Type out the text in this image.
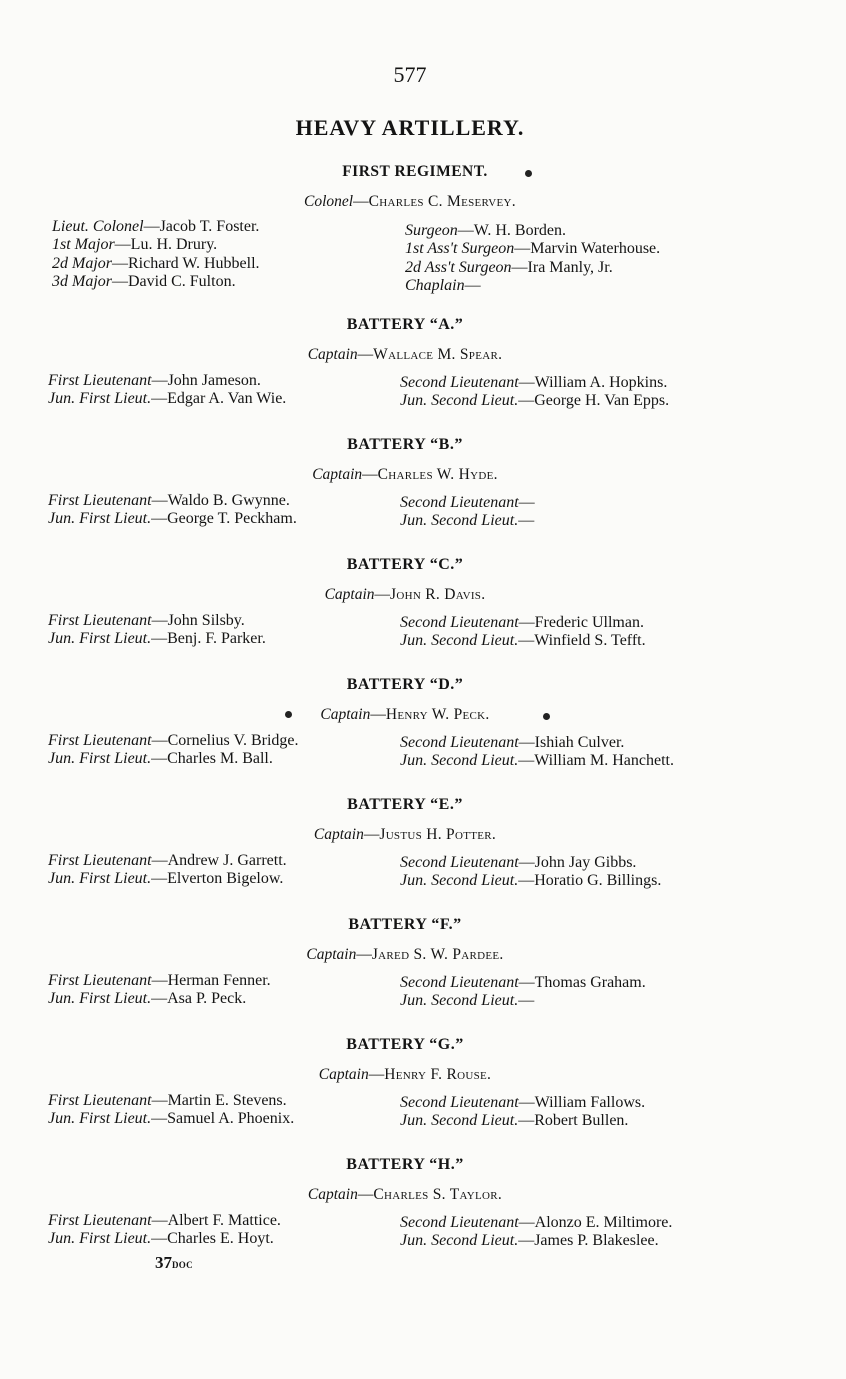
577
HEAVY ARTILLERY.
FIRST REGIMENT.
Colonel—Charles C. Meservey.
Lieut. Colonel—Jacob T. Foster.
1st Major—Lu. H. Drury.
2d Major—Richard W. Hubbell.
3d Major—David C. Fulton.
Surgeon—W. H. Borden.
1st Ass't Surgeon—Marvin Waterhouse.
2d Ass't Surgeon—Ira Manly, Jr.
Chaplain—
BATTERY “A.”
Captain—Wallace M. Spear.
First Lieutenant—John Jameson.
Jun. First Lieut.—Edgar A. Van Wie.
Second Lieutenant—William A. Hopkins.
Jun. Second Lieut.—George H. Van Epps.
BATTERY “B.”
Captain—Charles W. Hyde.
First Lieutenant—Waldo B. Gwynne.
Jun. First Lieut.—George T. Peckham.
Second Lieutenant—
Jun. Second Lieut.—
BATTERY “C.”
Captain—John R. Davis.
First Lieutenant—John Silsby.
Jun. First Lieut.—Benj. F. Parker.
Second Lieutenant—Frederic Ullman.
Jun. Second Lieut.—Winfield S. Tefft.
BATTERY “D.”
Captain—Henry W. Peck.
First Lieutenant—Cornelius V. Bridge.
Jun. First Lieut.—Charles M. Ball.
Second Lieutenant—Ishiah Culver.
Jun. Second Lieut.—William M. Hanchett.
BATTERY “E.”
Captain—Justus H. Potter.
First Lieutenant—Andrew J. Garrett.
Jun. First Lieut.—Elverton Bigelow.
Second Lieutenant—John Jay Gibbs.
Jun. Second Lieut.—Horatio G. Billings.
BATTERY “F.”
Captain—Jared S. W. Pardee.
First Lieutenant—Herman Fenner.
Jun. First Lieut.—Asa P. Peck.
Second Lieutenant—Thomas Graham.
Jun. Second Lieut.—
BATTERY “G.”
Captain—Henry F. Rouse.
First Lieutenant—Martin E. Stevens.
Jun. First Lieut.—Samuel A. Phoenix.
Second Lieutenant—William Fallows.
Jun. Second Lieut.—Robert Bullen.
BATTERY “H.”
Captain—Charles S. Taylor.
First Lieutenant—Albert F. Mattice.
Jun. First Lieut.—Charles E. Hoyt.
Second Lieutenant—Alonzo E. Miltimore.
Jun. Second Lieut.—James P. Blakeslee.
37doc
